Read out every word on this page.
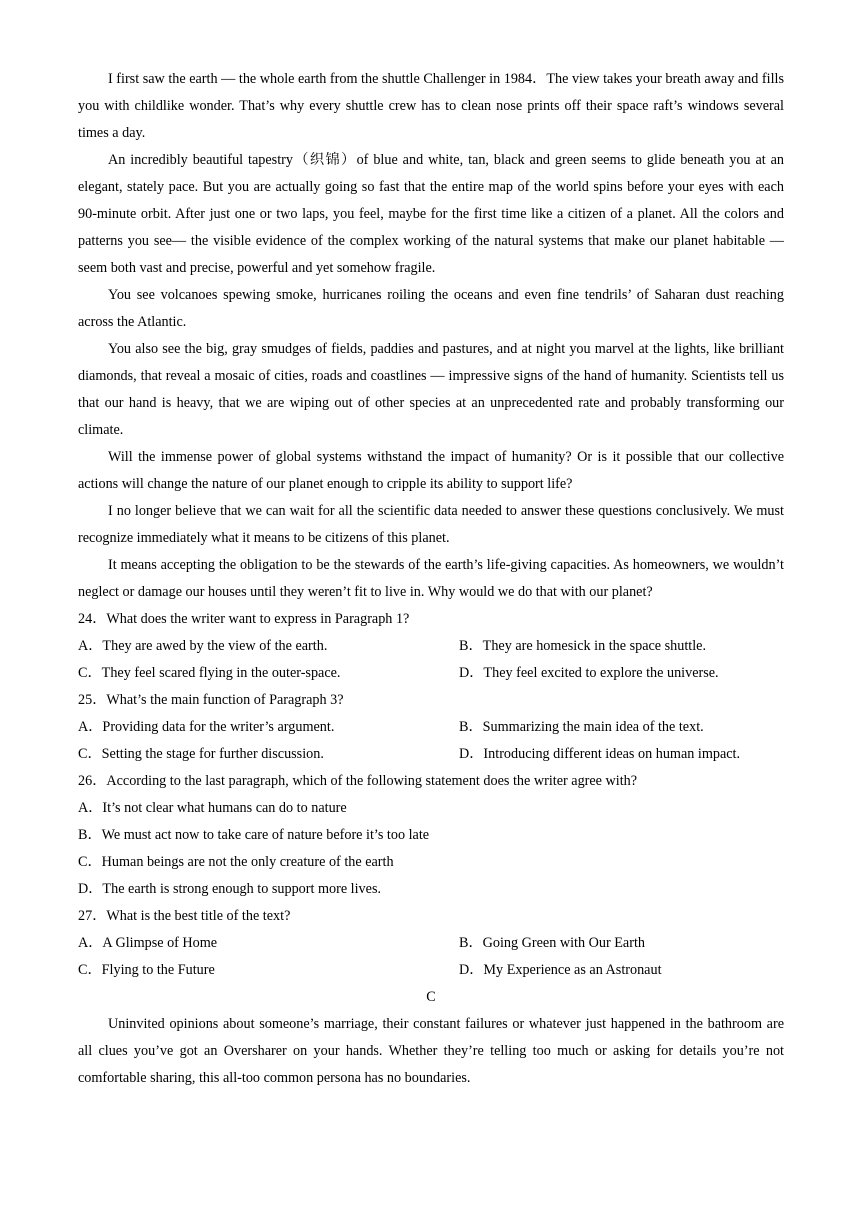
I first saw the earth — the whole earth from the shuttle Challenger in 1984．The view takes your breath away and fills you with childlike wonder. That’s why every shuttle crew has to clean nose prints off their space raft’s windows several times a day.

An incredibly beautiful tapestry（织锦）of blue and white, tan, black and green seems to glide beneath you at an elegant, stately pace. But you are actually going so fast that the entire map of the world spins before your eyes with each 90-minute orbit. After just one or two laps, you feel, maybe for the first time like a citizen of a planet. All the colors and patterns you see— the visible evidence of the complex working of the natural systems that make our planet habitable — seem both vast and precise, powerful and yet somehow fragile.

You see volcanoes spewing smoke, hurricanes roiling the oceans and even fine tendrils’ of Saharan dust reaching across the Atlantic.

You also see the big, gray smudges of fields, paddies and pastures, and at night you marvel at the lights, like brilliant diamonds, that reveal a mosaic of cities, roads and coastlines — impressive signs of the hand of humanity. Scientists tell us that our hand is heavy, that we are wiping out of other species at an unprecedented rate and probably transforming our climate.

Will the immense power of global systems withstand the impact of humanity? Or is it possible that our collective actions will change the nature of our planet enough to cripple its ability to support life?

I no longer believe that we can wait for all the scientific data needed to answer these questions conclusively. We must recognize immediately what it means to be citizens of this planet.

It means accepting the obligation to be the stewards of the earth’s life-giving capacities. As homeowners, we wouldn’t neglect or damage our houses until they weren’t fit to live in. Why would we do that with our planet?

24．What does the writer want to express in Paragraph 1?

A．They are awed by the view of the earth.	B．They are homesick in the space shuttle.

C．They feel scared flying in the outer-space.	D．They feel excited to explore the universe.

25．What’s the main function of Paragraph 3?

A．Providing data for the writer’s argument.	B．Summarizing the main idea of the text.

C．Setting the stage for further discussion.	D．Introducing different ideas on human impact.

26．According to the last paragraph, which of the following statement does the writer agree with?

A．It’s not clear what humans can do to nature

B．We must act now to take care of nature before it’s too late

C．Human beings are not the only creature of the earth

D．The earth is strong enough to support more lives.

27．What is the best title of the text?

A．A Glimpse of Home	B．Going Green with Our Earth

C．Flying to the Future	D．My Experience as an Astronaut

C

Uninvited opinions about someone’s marriage, their constant failures or whatever just happened in the bathroom are all clues you’ve got an Oversharer on your hands. Whether they’re telling too much or asking for details you’re not comfortable sharing, this all-too common persona has no boundaries.
